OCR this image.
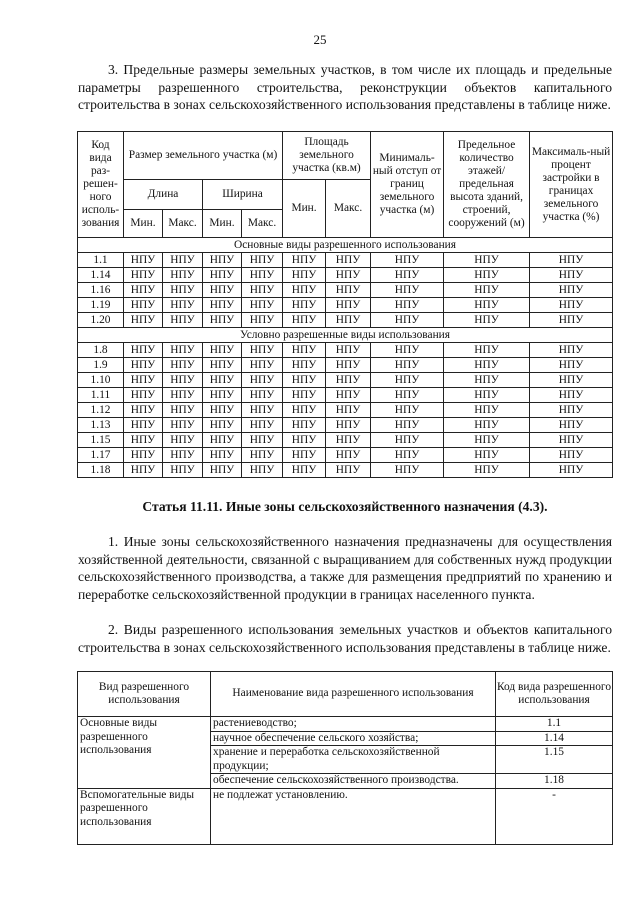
25

3. Предельные размеры земельных участков, в том числе их площадь и предельные параметры разрешенного строительства, реконструкции объектов капитального строительства в зонах сельскохозяйственного использования представлены в таблице ниже.

Код вида раз-решен-ного исполь-зования	Размер земельного участка (м)				Площадь земельного участка (кв.м)		Минималь-ный отступ от границ земельного участка (м)	Предельное количество этажей/ предельная высота зданий, строений, сооружений (м)	Максималь-ный процент застройки в границах земельного участка (%)
	Длина		Ширина		Мин.	Макс.			
	Мин.	Макс.	Мин.	Макс.					
Основные виды разрешенного использования									
1.1	НПУ	НПУ	НПУ	НПУ	НПУ	НПУ	НПУ	НПУ	НПУ
1.14	НПУ	НПУ	НПУ	НПУ	НПУ	НПУ	НПУ	НПУ	НПУ
1.16	НПУ	НПУ	НПУ	НПУ	НПУ	НПУ	НПУ	НПУ	НПУ
1.19	НПУ	НПУ	НПУ	НПУ	НПУ	НПУ	НПУ	НПУ	НПУ
1.20	НПУ	НПУ	НПУ	НПУ	НПУ	НПУ	НПУ	НПУ	НПУ
Условно разрешенные виды использования									
1.8	НПУ	НПУ	НПУ	НПУ	НПУ	НПУ	НПУ	НПУ	НПУ
1.9	НПУ	НПУ	НПУ	НПУ	НПУ	НПУ	НПУ	НПУ	НПУ
1.10	НПУ	НПУ	НПУ	НПУ	НПУ	НПУ	НПУ	НПУ	НПУ
1.11	НПУ	НПУ	НПУ	НПУ	НПУ	НПУ	НПУ	НПУ	НПУ
1.12	НПУ	НПУ	НПУ	НПУ	НПУ	НПУ	НПУ	НПУ	НПУ
1.13	НПУ	НПУ	НПУ	НПУ	НПУ	НПУ	НПУ	НПУ	НПУ
1.15	НПУ	НПУ	НПУ	НПУ	НПУ	НПУ	НПУ	НПУ	НПУ
1.17	НПУ	НПУ	НПУ	НПУ	НПУ	НПУ	НПУ	НПУ	НПУ
1.18	НПУ	НПУ	НПУ	НПУ	НПУ	НПУ	НПУ	НПУ	НПУ
Статья 11.11. Иные зоны сельскохозяйственного назначения (4.3).

1. Иные зоны сельскохозяйственного назначения предназначены для осуществления хозяйственной деятельности, связанной с выращиванием для собственных нужд продукции сельскохозяйственного производства, а также для размещения предприятий по хранению и переработке сельскохозяйственной продукции в границах населенного пункта.

2. Виды разрешенного использования земельных участков и объектов капитального строительства в зонах сельскохозяйственного использования представлены в таблице ниже.

Вид разрешенного использования	Наименование вида разрешенного использования	Код вида разрешенного использования
Основные виды разрешенного использования	растениеводство;	1.1
	научное обеспечение сельского хозяйства;	1.14
	хранение и переработка сельскохозяйственной продукции;	1.15
	обеспечение сельскохозяйственного производства.	1.18
Вспомогательные виды разрешенного использования	не подлежат установлению.	-
